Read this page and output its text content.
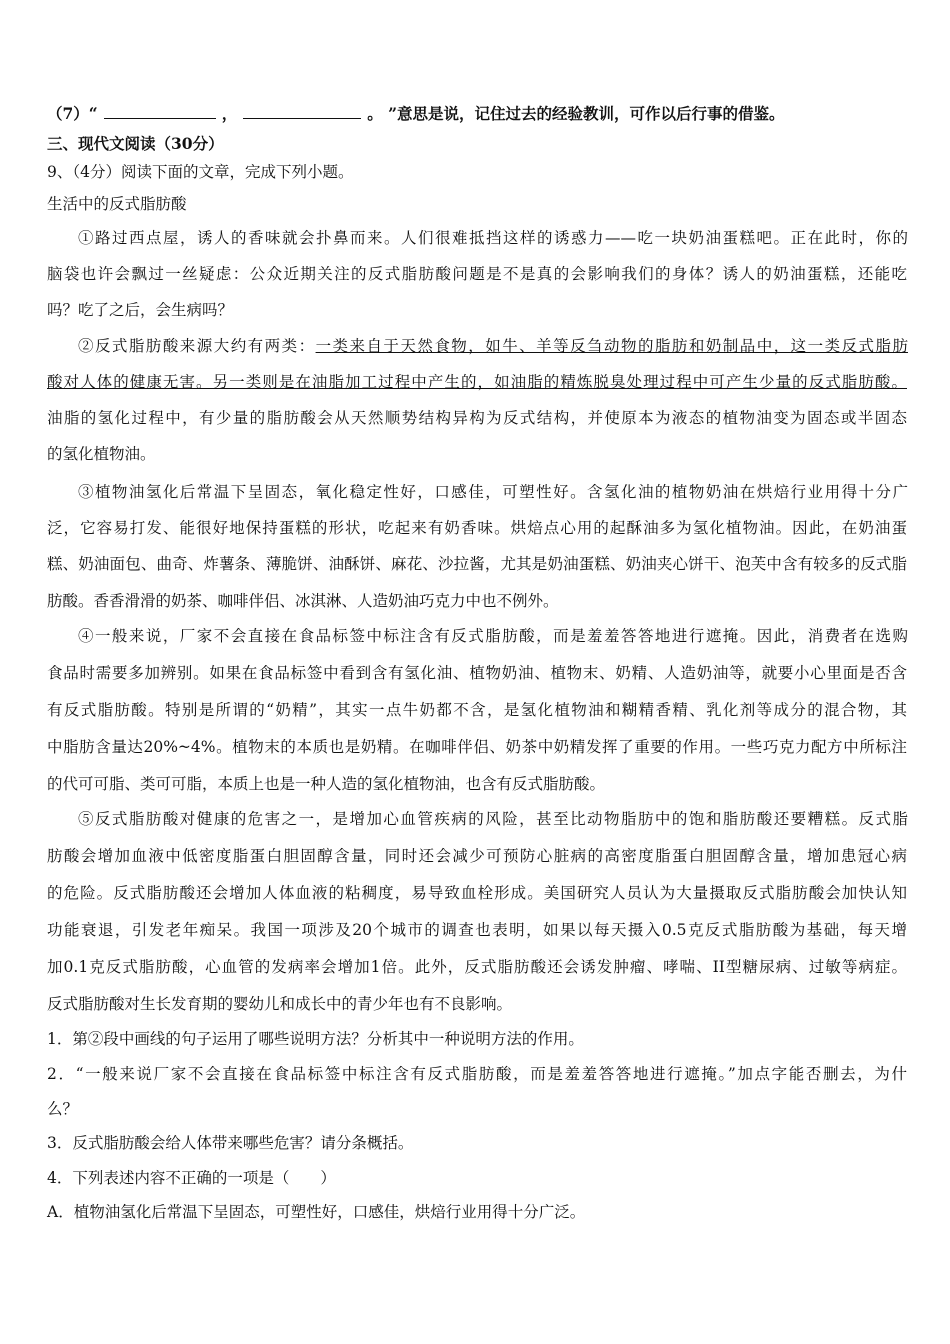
（7）“	，	。 ”意思是说，记住过去的经验教训，可作以后行事的借鉴。
三、现代文阅读（30分）
9、（4分）阅读下面的文章，完成下列小题。
生活中的反式脂肪酸
①路过西点屋，诱人的香味就会扑鼻而来。人们很难抵挡这样的诱惑力——吃一块奶油蛋糕吧。正在此时，你的
脑袋也许会飘过一丝疑虑：公众近期关注的反式脂肪酸问题是不是真的会影响我们的身体？诱人的奶油蛋糕，还能吃
吗？吃了之后，会生病吗？
②反式脂肪酸来源大约有两类：一类来自于天然食物，如牛、羊等反刍动物的脂肪和奶制品中，这一类反式脂肪
酸对人体的健康无害。另一类则是在油脂加工过程中产生的，如油脂的精炼脱臭处理过程中可产生少量的反式脂肪酸。
油脂的氢化过程中，有少量的脂肪酸会从天然顺势结构异构为反式结构，并使原本为液态的植物油变为固态或半固态
的氢化植物油。
③植物油氢化后常温下呈固态，氧化稳定性好，口感佳，可塑性好。含氢化油的植物奶油在烘焙行业用得十分广
泛，它容易打发、能很好地保持蛋糕的形状，吃起来有奶香味。烘焙点心用的起酥油多为氢化植物油。因此，在奶油蛋
糕、奶油面包、曲奇、炸薯条、薄脆饼、油酥饼、麻花、沙拉酱，尤其是奶油蛋糕、奶油夹心饼干、泡芙中含有较多的反式脂
肪酸。香香滑滑的奶茶、咖啡伴侣、冰淇淋、人造奶油巧克力中也不例外。
④一般来说，厂家不会直接在食品标签中标注含有反式脂肪酸，而是羞羞答答地进行遮掩。因此，消费者在选购
食品时需要多加辨别。如果在食品标签中看到含有氢化油、植物奶油、植物末、奶精、人造奶油等，就要小心里面是否含
有反式脂肪酸。特别是所谓的“奶精”，其实一点牛奶都不含，是氢化植物油和糊精香精、乳化剂等成分的混合物，其
中脂肪含量达20%~4%。植物末的本质也是奶精。在咖啡伴侣、奶茶中奶精发挥了重要的作用。一些巧克力配方中所标注
的代可可脂、类可可脂，本质上也是一种人造的氢化植物油，也含有反式脂肪酸。
⑤反式脂肪酸对健康的危害之一，是增加心血管疾病的风险，甚至比动物脂肪中的饱和脂肪酸还要糟糕。反式脂
肪酸会增加血液中低密度脂蛋白胆固醇含量，同时还会减少可预防心脏病的高密度脂蛋白胆固醇含量，增加患冠心病
的危险。反式脂肪酸还会增加人体血液的粘稠度，易导致血栓形成。美国研究人员认为大量摄取反式脂肪酸会加快认知
功能衰退，引发老年痴呆。我国一项涉及20个城市的调查也表明，如果以每天摄入0.5克反式脂肪酸为基础，每天增
加0.1克反式脂肪酸，心血管的发病率会增加1倍。此外，反式脂肪酸还会诱发肿瘤、哮喘、II型糖尿病、过敏等病症。
反式脂肪酸对生长发育期的婴幼儿和成长中的青少年也有不良影响。
1．第②段中画线的句子运用了哪些说明方法？分析其中一种说明方法的作用。
2．“一般来说厂家不会直接在食品标签中标注含有反式脂肪酸，而是羞羞答答地进行遮掩。”加点字能否删去，为什
么？
3．反式脂肪酸会给人体带来哪些危害？请分条概括。
4．下列表述内容不正确的一项是（　　）
A．植物油氢化后常温下呈固态，可塑性好，口感佳，烘焙行业用得十分广泛。
